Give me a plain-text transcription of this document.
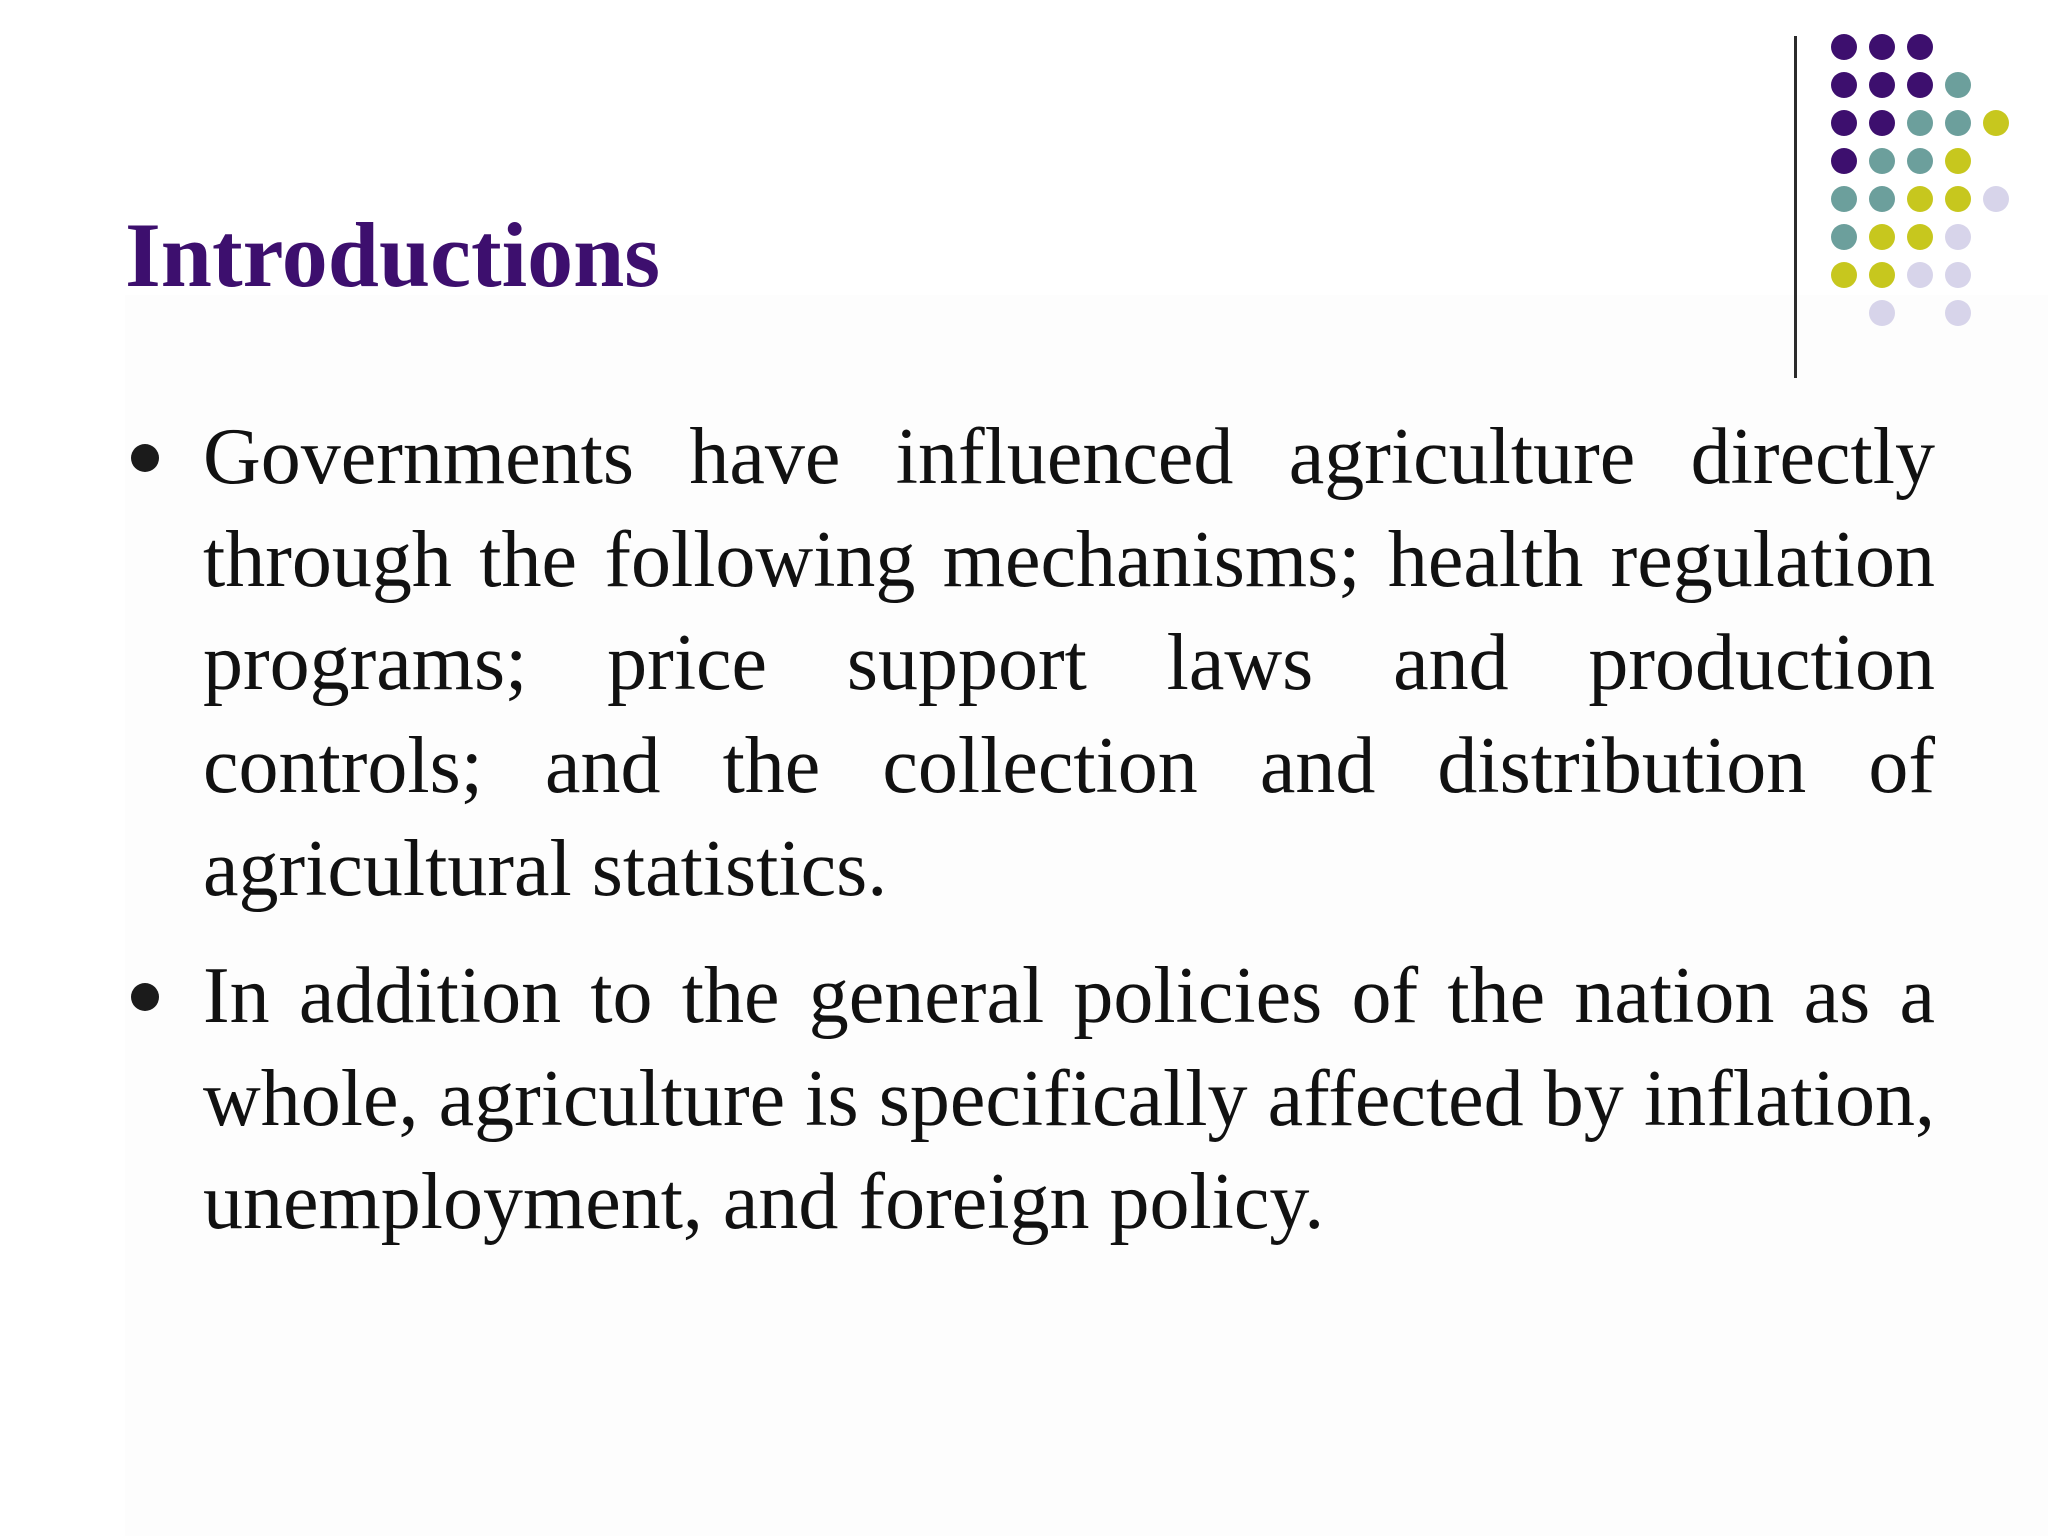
Introductions
Governments have influenced agriculture directly through the following mechanisms; health regulation programs; price support laws and production controls; and the collection and distribution of agricultural statistics.
In addition to the general policies of the nation as a whole, agriculture is specifically affected by inflation, unemployment, and foreign policy.
